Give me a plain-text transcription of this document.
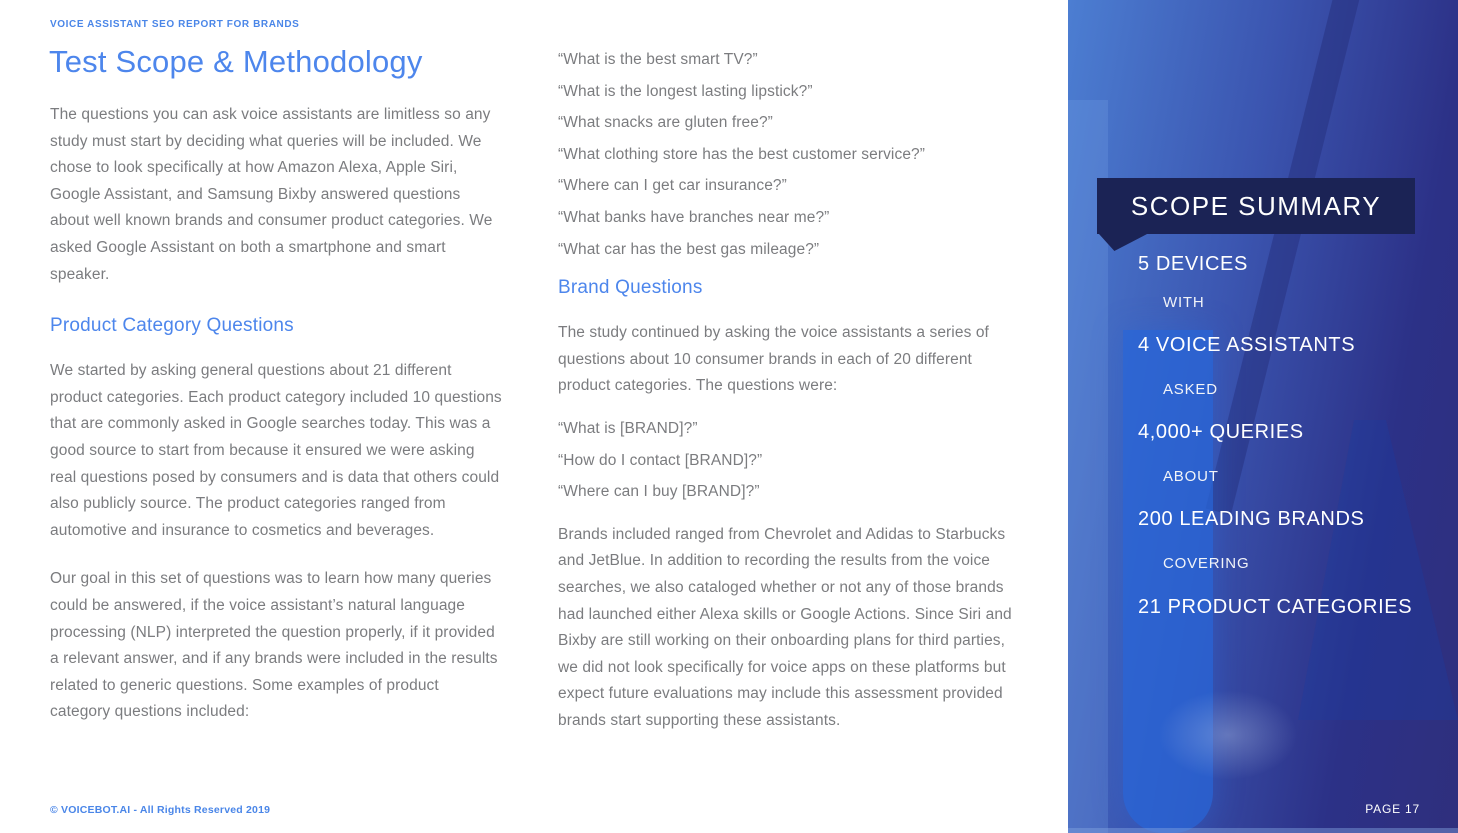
VOICE ASSISTANT SEO REPORT FOR BRANDS
Test Scope & Methodology

The questions you can ask voice assistants are limitless so any study must start by deciding what queries will be included. We chose to look specifically at how Amazon Alexa, Apple Siri, Google Assistant, and Samsung Bixby answered questions about well known brands and consumer product categories. We asked Google Assistant on both a smartphone and smart speaker.

Product Category Questions

We started by asking general questions about 21 different product categories. Each product category included 10 questions that are commonly asked in Google searches today. This was a good source to start from because it ensured we were asking real questions posed by consumers and is data that others could also publicly source. The product categories ranged from automotive and insurance to cosmetics and beverages.

Our goal in this set of questions was to learn how many queries could be answered, if the voice assistant’s natural language processing (NLP) interpreted the question properly, if it provided a relevant answer, and if any brands were included in the results related to generic questions. Some examples of product category questions included:

“What is the best smart TV?”
“What is the longest lasting lipstick?”
“What snacks are gluten free?”
“What clothing store has the best customer service?”
“Where can I get car insurance?”
“What banks have branches near me?”
“What car has the best gas mileage?”
Brand Questions

The study continued by asking the voice assistants a series of questions about 10 consumer brands in each of 20 different product categories. The questions were:

“What is [BRAND]?”
“How do I contact [BRAND]?”
“Where can I buy [BRAND]?”

Brands included ranged from Chevrolet and Adidas to Starbucks and JetBlue. In addition to recording the results from the voice searches, we also cataloged whether or not any of those brands had launched either Alexa skills or Google Actions. Since Siri and Bixby are still working on their onboarding plans for third parties, we did not look specifically for voice apps on these platforms but expect future evaluations may include this assessment provided brands start supporting these assistants.

© VOICEBOT.AI - All Rights Reserved 2019
SCOPE SUMMARY
5 DEVICES
WITH
4 VOICE ASSISTANTS
ASKED
4,000+ QUERIES
ABOUT
200 LEADING BRANDS
COVERING
21 PRODUCT CATEGORIES
PAGE 17
